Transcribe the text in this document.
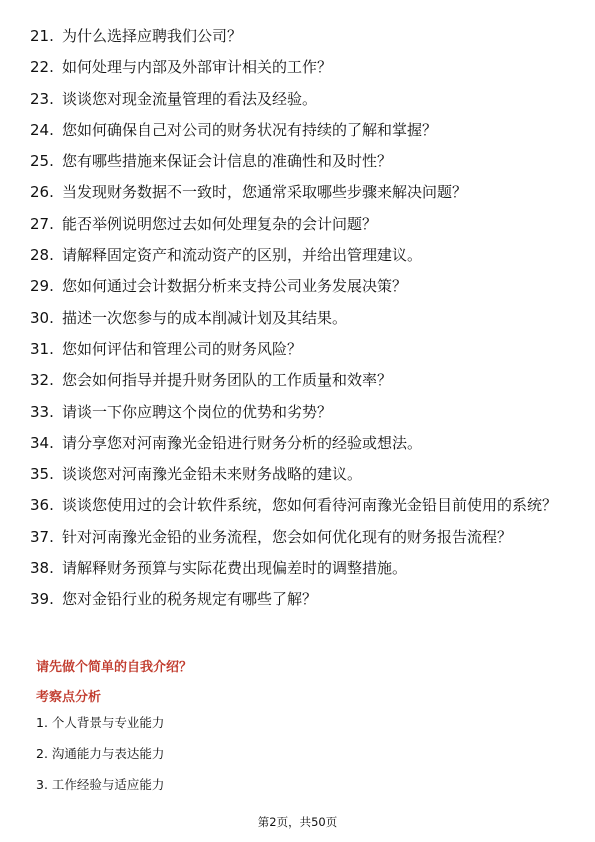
21. 为什么选择应聘我们公司？
22. 如何处理与内部及外部审计相关的工作？
23. 谈谈您对现金流量管理的看法及经验。
24. 您如何确保自己对公司的财务状况有持续的了解和掌握？
25. 您有哪些措施来保证会计信息的准确性和及时性？
26. 当发现财务数据不一致时，您通常采取哪些步骤来解决问题？
27. 能否举例说明您过去如何处理复杂的会计问题？
28. 请解释固定资产和流动资产的区别，并给出管理建议。
29. 您如何通过会计数据分析来支持公司业务发展决策？
30. 描述一次您参与的成本削减计划及其结果。
31. 您如何评估和管理公司的财务风险？
32. 您会如何指导并提升财务团队的工作质量和效率？
33. 请谈一下你应聘这个岗位的优势和劣势？
34. 请分享您对河南豫光金铅进行财务分析的经验或想法。
35. 谈谈您对河南豫光金铅未来财务战略的建议。
36. 谈谈您使用过的会计软件系统，您如何看待河南豫光金铅目前使用的系统？
37. 针对河南豫光金铅的业务流程，您会如何优化现有的财务报告流程？
38. 请解释财务预算与实际花费出现偏差时的调整措施。
39. 您对金铅行业的税务规定有哪些了解？
请先做个简单的自我介绍？
考察点分析
1. 个人背景与专业能力
2. 沟通能力与表达能力
3. 工作经验与适应能力
第2页，共50页
